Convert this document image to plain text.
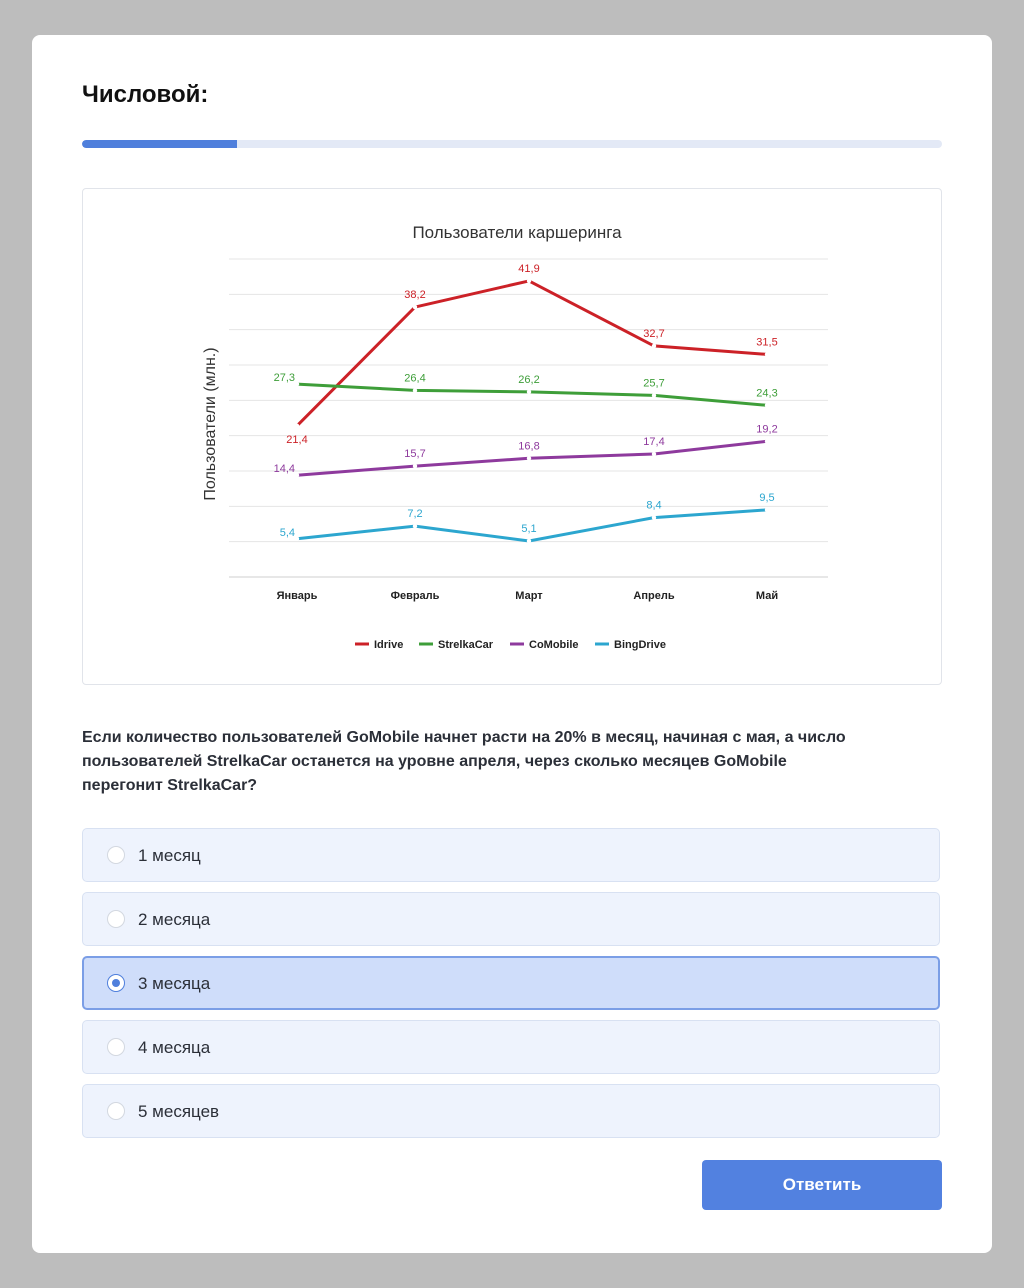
Числовой:
Пользователи каршеринга
Пользователи (млн.)
Январь	Февраль	Март	Апрель	Май
21,4
38,2
41,9
32,7
31,5
27,3	26,4	26,2	25,7
24,3
14,4
15,7
16,8	17,4
19,2
5,4
7,2
5,1
8,4
9,5
Idrive	StrelkaCar	CoMobile	BingDrive

Если количество пользователей GoMobile начнет расти на 20% в месяц, начиная с мая, а число пользователей StrelkaCar останется на уровне апреля, через сколько месяцев GoMobile перегонит StrelkaCar?

1 месяц
2 месяца
3 месяца
4 месяца
5 месяцев
Ответить
